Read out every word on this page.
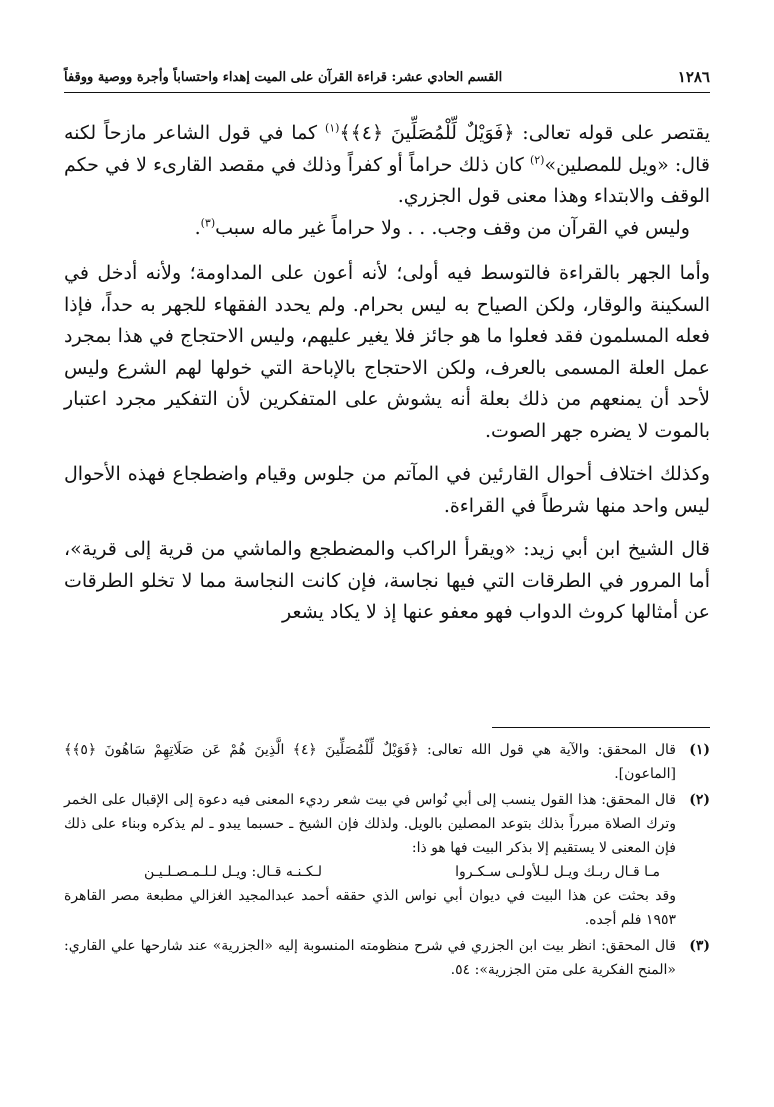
١٢٨٦
القسم الحادي عشر: قراءة القرآن على الميت إهداء واحتساباً وأجرة ووصية ووقفاً

يقتصر على قوله تعالى: ﴿فَوَيْلٌ لِّلْمُصَلِّينَ ﴿٤﴾﴾$^{(١)}$ كما في قول الشاعر مازحاً لكنه قال: «ويل للمصلين»$^{(٢)}$ كان ذلك حراماً أو كفراً وذلك في مقصد القارىء لا في حكم الوقف والابتداء وهذا معنى قول الجزري.

وليس في القرآن من وقف وجب. . . ولا حراماً غير ماله سبب$^{(٣)}$.

وأما الجهر بالقراءة فالتوسط فيه أولى؛ لأنه أعون على المداومة؛ ولأنه أدخل في السكينة والوقار، ولكن الصياح به ليس بحرام. ولم يحدد الفقهاء للجهر به حداً، فإذا فعله المسلمون فقد فعلوا ما هو جائز فلا يغير عليهم، وليس الاحتجاج في هذا بمجرد عمل العلة المسمى بالعرف، ولكن الاحتجاج بالإباحة التي خولها لهم الشرع وليس لأحد أن يمنعهم من ذلك بعلة أنه يشوش على المتفكرين لأن التفكير مجرد اعتبار بالموت لا يضره جهر الصوت.

وكذلك اختلاف أحوال القارئين في المآتم من جلوس وقيام واضطجاع فهذه الأحوال ليس واحد منها شرطاً في القراءة.

قال الشيخ ابن أبي زيد: «ويقرأ الراكب والمضطجع والماشي من قرية إلى قرية»، أما المرور في الطرقات التي فيها نجاسة، فإن كانت النجاسة مما لا تخلو الطرقات عن أمثالها كروث الدواب فهو معفو عنها إذ لا يكاد يشعر

(١)
قال المحقق: والآية هي قول الله تعالى: ﴿فَوَيْلٌ لِّلْمُصَلِّينَ ﴿٤﴾ الَّذِينَ هُمْ عَن صَلَاتِهِمْ سَاهُونَ ﴿٥﴾﴾ [الماعون].
(٢)
قال المحقق: هذا القول ينسب إلى أبي نُواس في بيت شعر رديء المعنى فيه دعوة إلى الإقبال على الخمر وترك الصلاة مبرراً بذلك بتوعد المصلين بالويل. ولذلك فإن الشيخ ـ حسبما يبدو ـ لم يذكره وبناء على ذلك فإن المعنى لا يستقيم إلا بذكر البيت فها هو ذا:
مـا قـال ربـك ويـل لـلأولـى سـكـروا
لـكـنـه قـال: ويـل لـلـمـصـلـيـن
وقد بحثت عن هذا البيت في ديوان أبي نواس الذي حققه أحمد عبدالمجيد الغزالي مطبعة مصر القاهرة ١٩٥٣ فلم أجده.
(٣)
قال المحقق: انظر بيت ابن الجزري في شرح منظومته المنسوبة إليه «الجزرية» عند شارحها علي القاري: «المنح الفكرية على متن الجزرية»: ٥٤.
